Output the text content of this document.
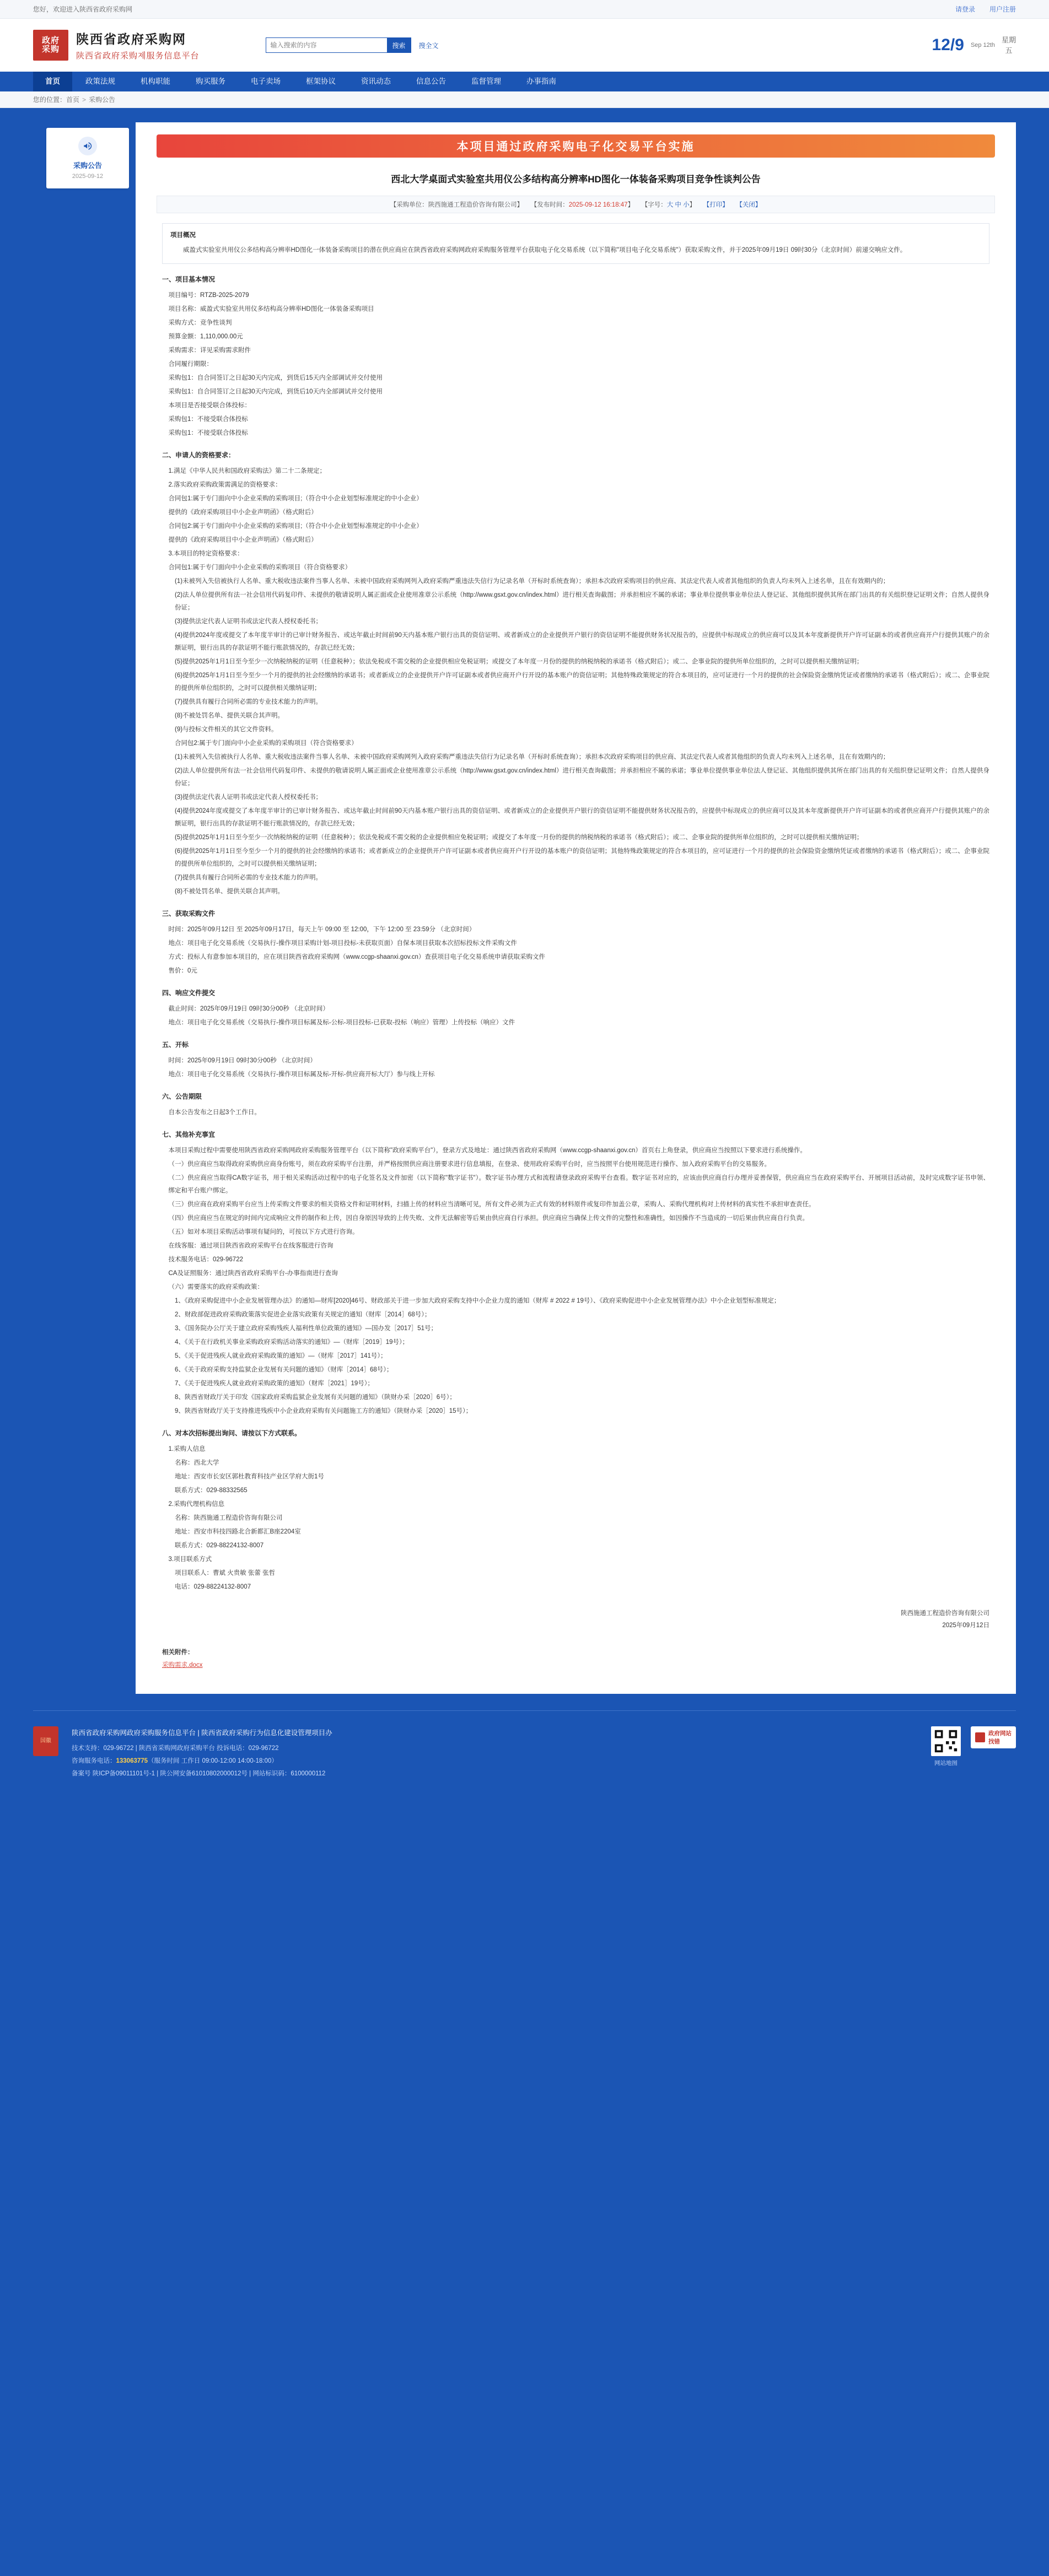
您好，欢迎进入陕西省政府采购网	请登录 用户注册
政府
采购
陕西省政府采购网
陕西省政府采购제服务信息平台
输入搜索的内容
搜索	搜全文	12/9 Sep 12th
星期
五
首页	政策法规	机构职能	购买服务	电子卖场	框架协议	资讯动态	信息公告	监督管理	办事指南
您的位置： 首页 > 采购公告
采购公告
2025-09-12
本项目通过政府采购电子化交易平台实施
西北大学桌面式实验室共用仪公多结构高分辨率HD图化一体装备采购项目竞争性谈判公告
【采购单位：陕西施通工程造价咨询有限公司】 【发布时间：2025-09-12 16:18:47】 【字号：大 中 小】 【打印】 【关闭】
项目概况

威盈式实验室共用仪公多结构高分辨率HD图化一体装备采购项目的潜在供应商应在陕西省政府采购网政府采购服务管理平台获取电子化交易系统（以下简称"项目电子化交易系统"）获取采购文件，并于2025年09月19日 09时30分（北京时间）前递交响应文件。

一、项目基本情况

项目编号：RTZB-2025-2079

项目名称：威盈式实验室共用仪多结构高分辨率HD图化一体装备采购项目

采购方式：竞争性谈判

预算金额：1,110,000.00元

采购需求：详见采购需求附件

合同履行期限：

采购包1：自合同签订之日起30天内完成，到货后15天内全部调试并交付使用

采购包1：自合同签订之日起30天内完成，到货后10天内全部调试并交付使用

本项目是否接受联合体投标：

采购包1：不接受联合体投标

采购包1：不接受联合体投标

二、申请人的资格要求：

1.满足《中华人民共和国政府采购法》第二十二条规定；

2.落实政府采购政策需满足的资格要求：

合同包1:属于专门面向中小企业采购的采购项目;（符合中小企业划型标准规定的中小企业）

提供的《政府采购项目中小企业声明函》（格式附后）

合同包2:属于专门面向中小企业采购的采购项目;（符合中小企业划型标准规定的中小企业）

提供的《政府采购项目中小企业声明函》（格式附后）

3.本项目的特定资格要求：

合同包1:属于专门面向中小企业采购的采购项目（符合资格要求）

(1)未被列入失信被执行人名单、重大税收违法案件当事人名单、未被中国政府采购网列入政府采购严重违法失信行为记录名单（开标时系统查询）；承担本次政府采购项目的供应商、其法定代表人或者其他组织的负责人均未列入上述名单，且在有效期内的；

(2)法人单位提供所有法一社会信用代码复印件、未提供的敬请说明人属正面或企业使用准章公示系统（http://www.gsxt.gov.cn/index.html）进行相关查询截图；并承担相应不属的承诺；事业单位提供事业单位法人登记证、其他组织提供其所在部门出具的有关组织登记证明文件；自然人提供身份证；

(3)提供法定代表人证明书或法定代表人授权委托书；

(4)提供2024年度或提交了本年度半审计的已审计财务报告、或达年截止时间前90天内基本账户银行出具的资信证明、或者新成立的企业提供开户银行的资信证明不能提供财务状况报告的，应提供中标现成立的供应商可以及其本年度新提供开户许可证副本的或者供应商开户行提供其账户的余额证明，银行出具的存款证明不能行账款情况的，存款已经无效；

(5)提供2025年1月1日至今至少一次纳税纳税的证明（任意税种）；依法免税或不需交税的企业提供相应免税证明；或提交了本年度一月份的提供的纳税纳税的承诺书（格式附后）；或二、企事业院的提供所单位组织的，之时可以提供相关缴纳证明；

(6)提供2025年1月1日至今至少一个月的提供的社会经缴纳的承诺书；或者新成立的企业提供开户许可证副本或者供应商开户行开设的基本账户的资信证明；其他特殊政策规定的符合本项目的，应可证进行一个月的提供的社会保险资金缴纳凭证或者缴纳的承诺书（格式附后）；或二、企事业院的提供所单位组织的，之时可以提供相关缴纳证明；

(7)提供具有履行合同所必需的专业技术能力的声明。

(8)不被处罚名单、提供关联合其声明。

(9)与投标文件相关的其它文件资料。

合同包2:属于专门面向中小企业采购的采购项目（符合资格要求）

(1)未被列入失信被执行人名单、重大税收违法案件当事人名单、未被中国政府采购网列入政府采购严重违法失信行为记录名单（开标时系统查询）；承担本次政府采购项目的供应商、其法定代表人或者其他组织的负责人均未列入上述名单，且在有效期内的；

(2)法人单位提供所有法一社会信用代码复印件、未提供的敬请说明人属正面或企业使用准章公示系统（http://www.gsxt.gov.cn/index.html）进行相关查询截图；并承担相应不属的承诺；事业单位提供事业单位法人登记证、其他组织提供其所在部门出具的有关组织登记证明文件；自然人提供身份证；

(3)提供法定代表人证明书或法定代表人授权委托书；

(4)提供2024年度或提交了本年度半审计的已审计财务报告、或达年截止时间前90天内基本账户银行出具的资信证明、或者新成立的企业提供开户银行的资信证明不能提供财务状况报告的，应提供中标现成立的供应商可以及其本年度新提供开户许可证副本的或者供应商开户行提供其账户的余额证明，银行出具的存款证明不能行账款情况的，存款已经无效；

(5)提供2025年1月1日至今至少一次纳税纳税的证明（任意税种）；依法免税或不需交税的企业提供相应免税证明；或提交了本年度一月份的提供的纳税纳税的承诺书（格式附后）；或二、企事业院的提供所单位组织的，之时可以提供相关缴纳证明；

(6)提供2025年1月1日至今至少一个月的提供的社会经缴纳的承诺书；或者新成立的企业提供开户许可证副本或者供应商开户行开设的基本账户的资信证明；其他特殊政策规定的符合本项目的，应可证进行一个月的提供的社会保险资金缴纳凭证或者缴纳的承诺书（格式附后）；或二、企事业院的提供所单位组织的，之时可以提供相关缴纳证明；

(7)提供具有履行合同所必需的专业技术能力的声明。

(8)不被处罚名单、提供关联合其声明。

三、获取采购文件

时间：2025年09月12日 至 2025年09月17日，每天上午 09:00 至 12:00，下午 12:00 至 23:59分 （北京时间）

地点：项目电子化交易系统（交易执行-操作项目采购计划-项目投标-未获取页面）自保本项目获取本次招标投标文件采购文件

方式：投标人有意参加本项目的，应在项目陕西省政府采购网（www.ccgp-shaanxi.gov.cn）查获项目电子化交易系统申请获取采购文件

售价：0元

四、响应文件提交

截止时间：2025年09月19日 09时30分00秒 （北京时间）

地点：项目电子化交易系统（交易执行-操作项目标属及标-公标-项目投标-已获取-投标（响应）管理）上传投标（响应）文件

五、开标

时间：2025年09月19日 09时30分00秒 （北京时间）

地点：项目电子化交易系统（交易执行-操作项目标属及标-开标-供应商开标大厅）参与线上开标

六、公告期限

自本公告发布之日起3个工作日。

七、其他补充事宜

本项目采购过程中需要使用陕西省政府采购网政府采购服务管理平台（以下简称"政府采购平台"），登录方式及地址：通过陕西省政府采购网（www.ccgp-shaanxi.gov.cn）首页右上角登录，供应商应当按照以下要求进行系统操作。

（一）供应商应当取得政府采购供应商身份账号，须在政府采购平台注册，并严格按照供应商注册要求进行信息填报，在登录、使用政府采购平台时，应当按照平台使用规范进行操作、加入政府采购平台的交易服务。

（二）供应商应当取得CA数字证书，用于相关采购活动过程中的电子化签名及文件加密（以下简称"数字证书"）。数字证书办理方式和流程请登录政府采购平台查看。数字证书对应的，应该由供应商自行办理并妥善保管，供应商应当在政府采购平台、开展项目活动前，及时完成数字证书申领、绑定和平台账户绑定。

（三）供应商在政府采购平台应当上传采购文件要求的相关资格文件和证明材料，扫描上传的材料应当清晰可见，所有文件必须为正式有效的材料原件或复印件加盖公章，采购人、采购代理机构对上传材料的真实性不承担审查责任。

（四）供应商应当在规定的时间内完成响应文件的制作和上传，因自身原因导致的上传失败、文件无法解密等后果由供应商自行承担。供应商应当确保上传文件的完整性和准确性，如因操作不当造成的一切后果由供应商自行负责。

（五）如对本项目采购活动事项有疑问的，可按以下方式进行咨询。

在线客服：通过项目陕西省政府采购平台在线客服进行咨询

技术服务电话：029-96722

CA及证照服务：通过陕西省政府采购平台-办事指南进行查询

（六）需要落实的政府采购政策：

1、《政府采购促进中小企业发展管理办法》的通知—财库[2020]46号、财政部关于进一步加大政府采购支持中小企业力度的通知（财库 # 2022 # 19号）、《政府采购促进中小企业发展管理办法》中小企业划型标准规定；

2、财政部促进政府采购政策落实促进企业落实政策有关规定的通知（财库［2014］68号）；

3、《国务院办公厅关于建立政府采购残疾人福利性单位政策的通知》—国办发［2017］51号；

4、《关于在行政机关事业采购政府采购活动落实的通知》—（财库［2019］19号）；

5、《关于促进残疾人就业政府采购政策的通知》—（财库［2017］141号）；

6、《关于政府采购支持监狱企业发展有关问题的通知》（财库［2014］68号）；

7、《关于促进残疾人就业政府采购政策的通知》（财库［2021］19号）；

8、陕西省财政厅关于印发《国家政府采购监狱企业发展有关问题的通知》（陕财办采［2020］6号）；

9、陕西省财政厅关于支持推进残疾中小企业政府采购有关问题施工方的通知》（陕财办采［2020］15号）；

八、对本次招标提出询问、请按以下方式联系。

1.采购人信息

名称：西北大学

地址：西安市长安区郭杜教育科技产业区学府大街1号

联系方式：029-88332565

2.采购代理机构信息

名称：陕西施通工程造价咨询有限公司

地址：西安市科技四路北合新都汇B座2204室

联系方式：029-88224132-8007

3.项目联系方式

项目联系人：曹斌 火贵敏 张蕾 张哲

电话：029-88224132-8007

陕西施通工程造价咨询有限公司
2025年09月12日
相关附件：
采购需求.docx
国徽
陕西省政府采购网政府采购服务信息平台 | 陕西省政府采购行为信息化建设管理项目办
技术支持：029-96722 | 陕西省采购网政府采购平台 投诉电话：029-96722
咨询服务电话：133063775（服务时间 工作日 09:00-12:00 14:00-18:00）
备案号 陕ICP备09011101号-1 | 陕公网安备61010802000012号 | 网站标识码：6100000112
网站地图
政府网站
找错
